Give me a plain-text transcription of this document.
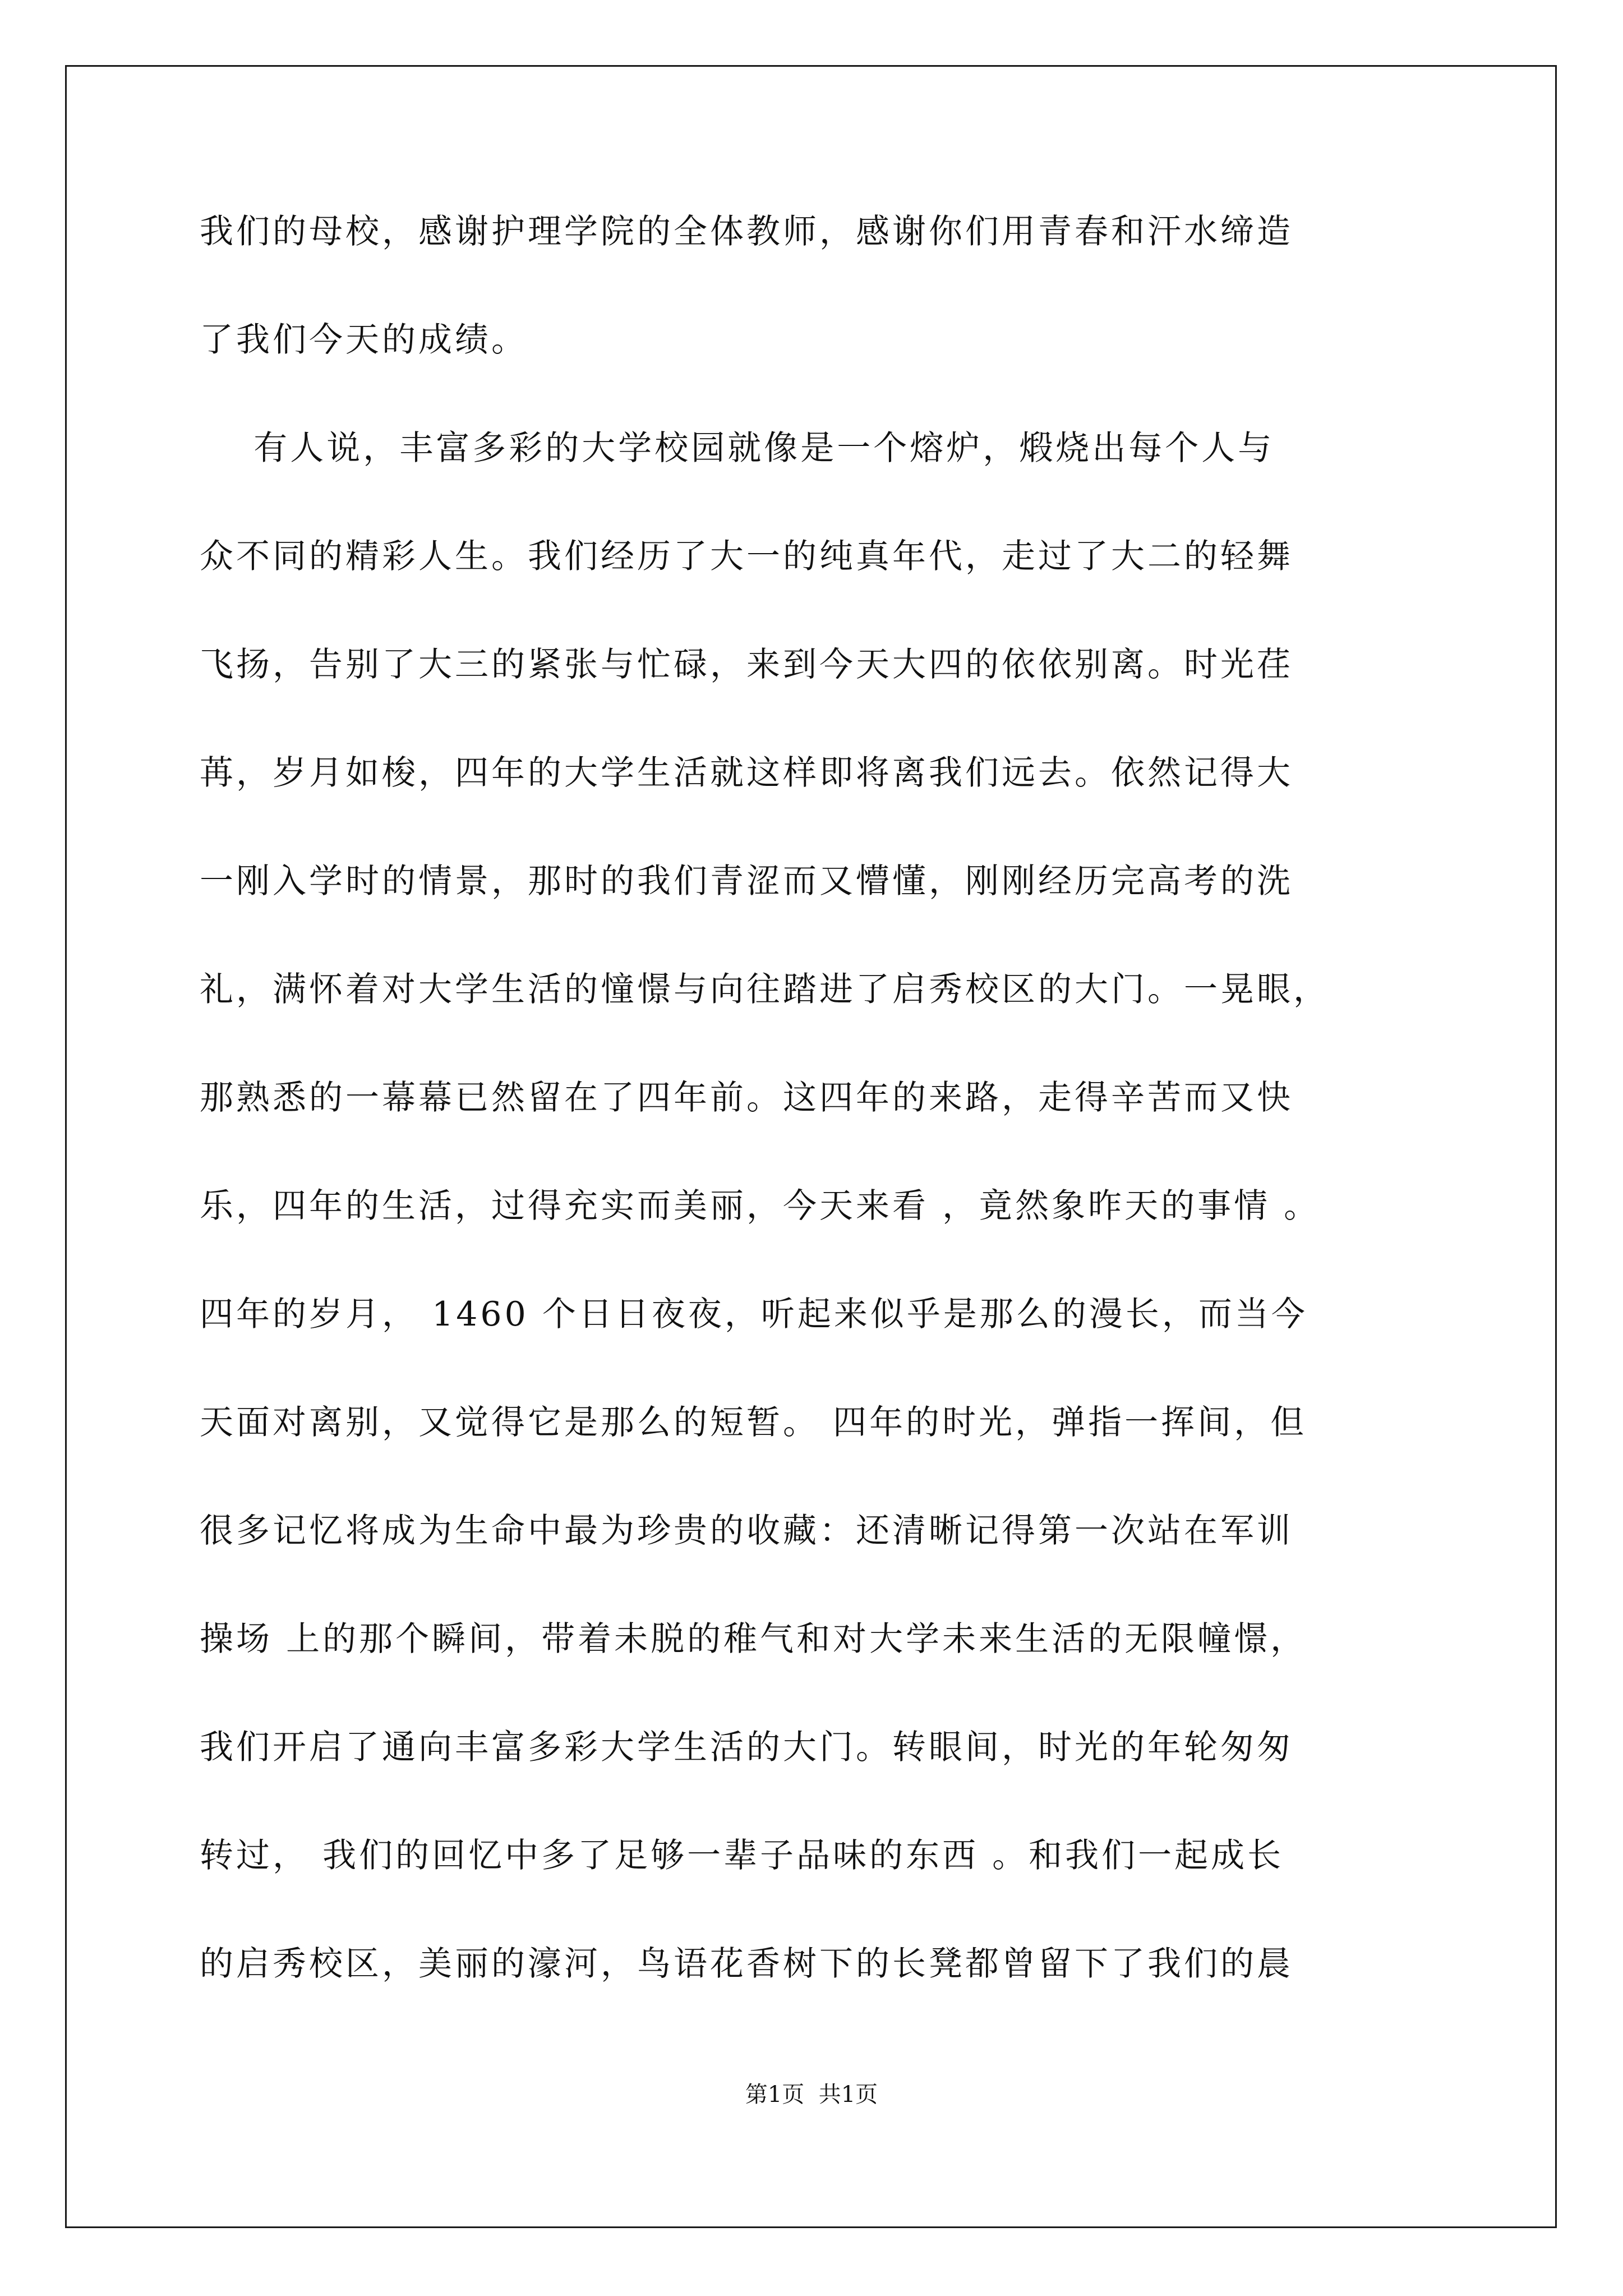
我们的母校，感谢护理学院的全体教师，感谢你们用青春和汗水缔造
了我们今天的成绩。
有人说，丰富多彩的大学校园就像是一个熔炉，煅烧出每个人与
众不同的精彩人生。我们经历了大一的纯真年代，走过了大二的轻舞
飞扬，告别了大三的紧张与忙碌，来到今天大四的依依别离。时光荏
苒，岁月如梭，四年的大学生活就这样即将离我们远去。依然记得大
一刚入学时的情景，那时的我们青涩而又懵懂，刚刚经历完高考的洗
礼，满怀着对大学生活的憧憬与向往踏进了启秀校区的大门。一晃眼，
那熟悉的一幕幕已然留在了四年前。这四年的来路，走得辛苦而又快
乐，四年的生活，过得充实而美丽，今天来看 ，竟然象昨天的事情 。
四年的岁月， 1460 个日日夜夜，听起来似乎是那么的漫长，而当今
天面对离别，又觉得它是那么的短暂。 四年的时光，弹指一挥间，但
很多记忆将成为生命中最为珍贵的收藏：还清晰记得第一次站在军训
操场 上的那个瞬间，带着未脱的稚气和对大学未来生活的无限幢憬，
我们开启了通向丰富多彩大学生活的大门。转眼间，时光的年轮匆匆
转过， 我们的回忆中多了足够一辈子品味的东西 。和我们一起成长
的启秀校区，美丽的濠河，鸟语花香树下的长凳都曾留下了我们的晨
第1页  共1页
